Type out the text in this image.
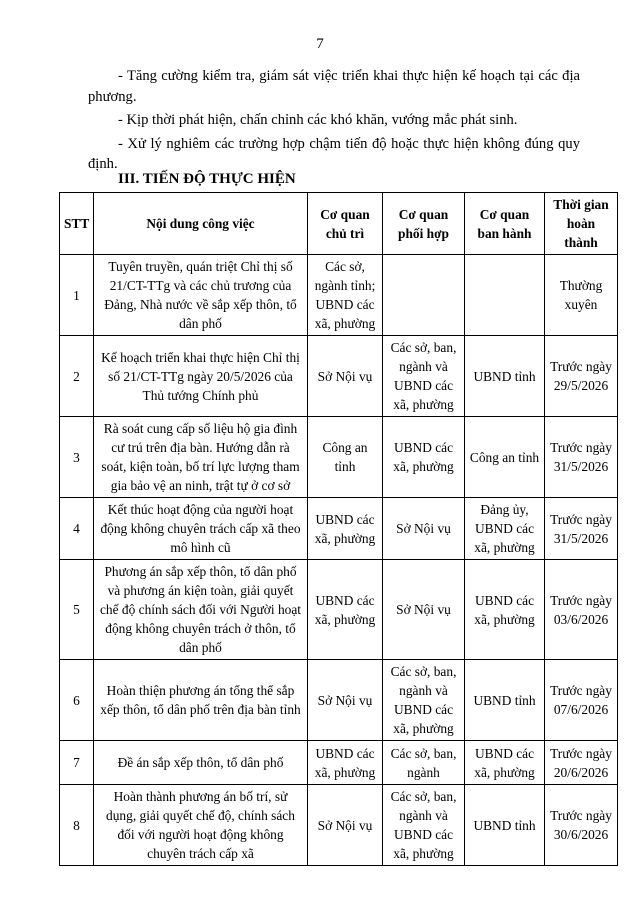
7

- Tăng cường kiểm tra, giám sát việc triển khai thực hiện kế hoạch tại các địa phương.

- Kịp thời phát hiện, chấn chỉnh các khó khăn, vướng mắc phát sinh.

- Xử lý nghiêm các trường hợp chậm tiến độ hoặc thực hiện không đúng quy định.

III. TIẾN ĐỘ THỰC HIỆN
STT	Nội dung công việc	Cơ quan chủ trì	Cơ quan phối hợp	Cơ quan ban hành	Thời gian hoàn thành
1	Tuyên truyền, quán triệt Chỉ thị số 21/CT-TTg và các chủ trương của Đảng, Nhà nước về sắp xếp thôn, tổ dân phố	Các sở, ngành tỉnh; UBND các xã, phường			Thường xuyên
2	Kế hoạch triển khai thực hiện Chỉ thị số 21/CT-TTg ngày 20/5/2026 của Thủ tướng Chính phủ	Sở Nội vụ	Các sở, ban, ngành và UBND các xã, phường	UBND tỉnh	Trước ngày 29/5/2026
3	Rà soát cung cấp số liệu hộ gia đình cư trú trên địa bàn. Hướng dẫn rà soát, kiện toàn, bố trí lực lượng tham gia bảo vệ an ninh, trật tự ở cơ sở	Công an tỉnh	UBND các xã, phường	Công an tỉnh	Trước ngày 31/5/2026
4	Kết thúc hoạt động của người hoạt động không chuyên trách cấp xã theo mô hình cũ	UBND các xã, phường	Sở Nội vụ	Đảng ủy, UBND các xã, phường	Trước ngày 31/5/2026
5	Phương án sắp xếp thôn, tổ dân phố và phương án kiện toàn, giải quyết chế độ chính sách đối với Người hoạt động không chuyên trách ở thôn, tổ dân phố	UBND các xã, phường	Sở Nội vụ	UBND các xã, phường	Trước ngày 03/6/2026
6	Hoàn thiện phương án tổng thể sắp xếp thôn, tổ dân phố trên địa bàn tỉnh	Sở Nội vụ	Các sở, ban, ngành và UBND các xã, phường	UBND tỉnh	Trước ngày 07/6/2026
7	Đề án sắp xếp thôn, tổ dân phố	UBND các xã, phường	Các sở, ban, ngành	UBND các xã, phường	Trước ngày 20/6/2026
8	Hoàn thành phương án bố trí, sử dụng, giải quyết chế độ, chính sách đối với người hoạt động không chuyên trách cấp xã	Sở Nội vụ	Các sở, ban, ngành và UBND các xã, phường	UBND tỉnh	Trước ngày 30/6/2026
